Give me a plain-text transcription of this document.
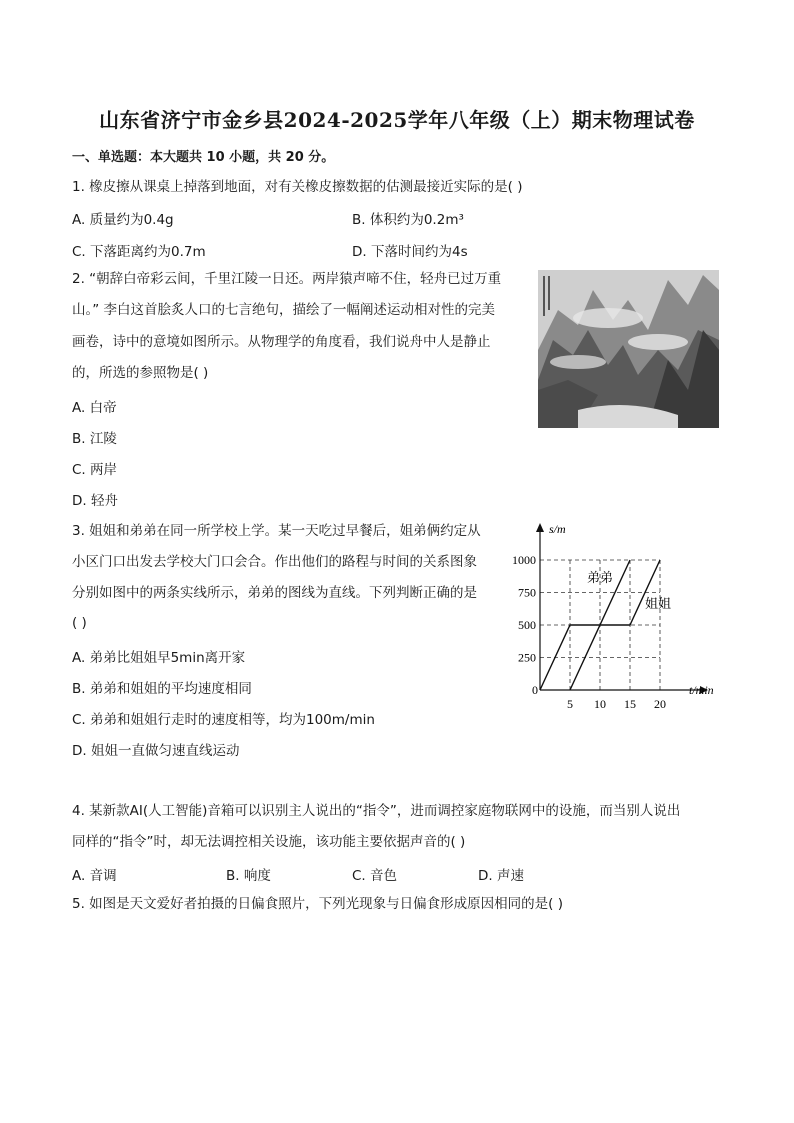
山东省济宁市金乡县2024-2025学年八年级（上）期末物理试卷
一、单选题：本大题共 10 小题，共 20 分。
1. 橡皮擦从课桌上掉落到地面，对有关橡皮擦数据的估测最接近实际的是( )
A. 质量约为0.4g	B. 体积约为0.2m³
C. 下落距离约为0.7m	D. 下落时间约为4s
2. “朝辞白帝彩云间，千里江陵一日还。两岸猿声啼不住，轻舟已过万重
山。” 李白这首脍炙人口的七言绝句，描绘了一幅阐述运动相对性的完美
画卷，诗中的意境如图所示。从物理学的角度看，我们说舟中人是静止
的，所选的参照物是( )
A. 白帝
B. 江陵
C. 两岸
D. 轻舟
3. 姐姐和弟弟在同一所学校上学。某一天吃过早餐后，姐弟俩约定从
小区门口出发去学校大门口会合。作出他们的路程与时间的关系图象
分别如图中的两条实线所示，弟弟的图线为直线。下列判断正确的是
( )
A. 弟弟比姐姐早5min离开家
B. 弟弟和姐姐的平均速度相同
C. 弟弟和姐姐行走时的速度相等，均为100m/min
D. 姐姐一直做匀速直线运动
250
500
750
1000
5 10 15 20
s/m
t/min
0
弟弟
姐姐
4. 某新款AI(人工智能)音箱可以识别主人说出的“指令”，进而调控家庭物联网中的设施，而当别人说出
同样的“指令”时，却无法调控相关设施，该功能主要依据声音的( )
A. 音调	B. 响度	C. 音色	D. 声速
5. 如图是天文爱好者拍摄的日偏食照片，下列光现象与日偏食形成原因相同的是( )
